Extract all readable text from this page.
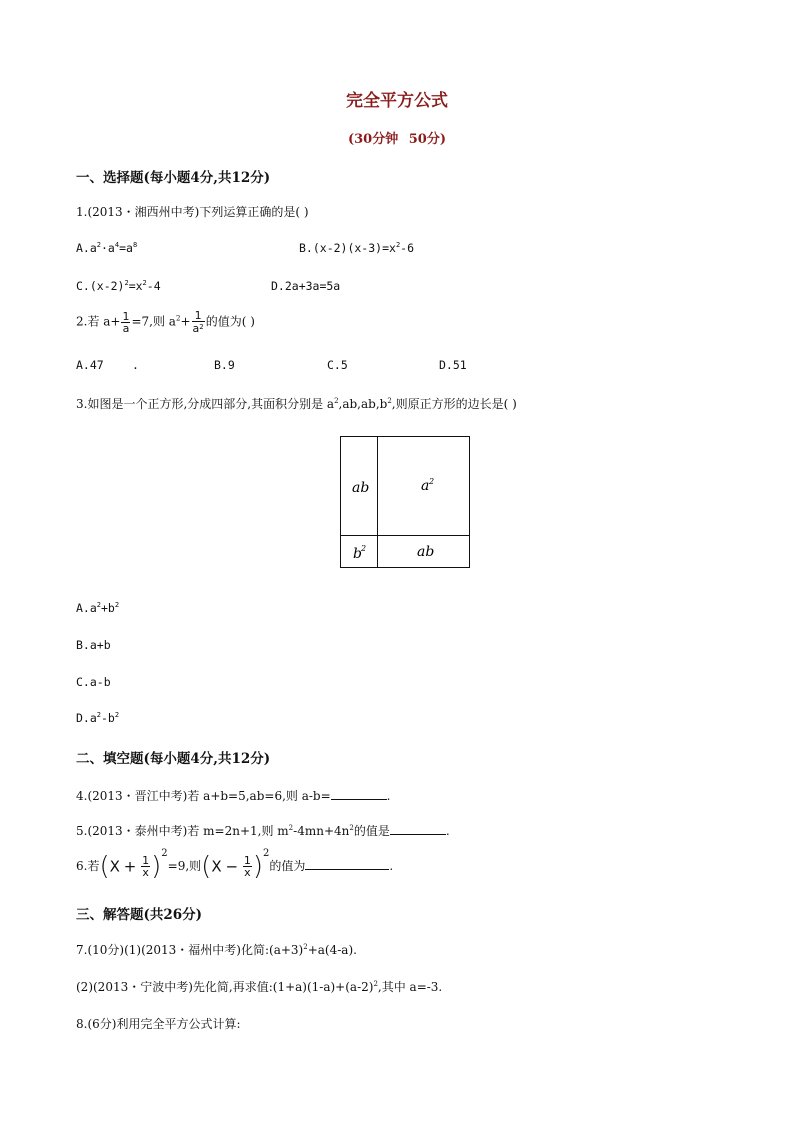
完全平方公式
(30分钟 50分)
一、选择题(每小题4分,共12分)
1.(2013・湘西州中考)下列运算正确的是( )
$A.a^2\cdot a^4=a^8$	$B.(x-2)(x-3)=x^2-6$
$C.(x-2)^2=x^2-4$	D.2a+3a=5a
2.若 $a+ \frac{1}{a} =7$,则 $a^2+ \frac{1}{a^2}$ 的值为( )
A.47 .	B.9	C.5	D.51
3.如图是一个正方形,分成四部分,其面积分别是 $a^2,ab,ab,b^2$,则原正方形的边长是( )
ab	a 2
b 2	ab
$A.a^2+b^2$
B.a+b
C.a-b
$D.a^2-b^2$
二、填空题(每小题4分,共12分)
4.(2013・晋江中考)若 a+b=5,ab=6,则 a-b=	.
5.(2013・泰州中考)若 m=2n+1,则 $m^2-4mn+4n^2$的值是	.
6.若$(X + \frac{1}{x} )^2=9$,则$(X - \frac{1}{x} )^2$的值为	.
三、解答题(共26分)
7.(10分)(1)(2013・福州中考)化简$:(a+3)^2+a(4-a)$.
(2)(2013・宁波中考)先化简,再求值$:(1+a)(1-a)+(a-2)^2$,其中 a=-3.
8.(6分)利用完全平方公式计算:
